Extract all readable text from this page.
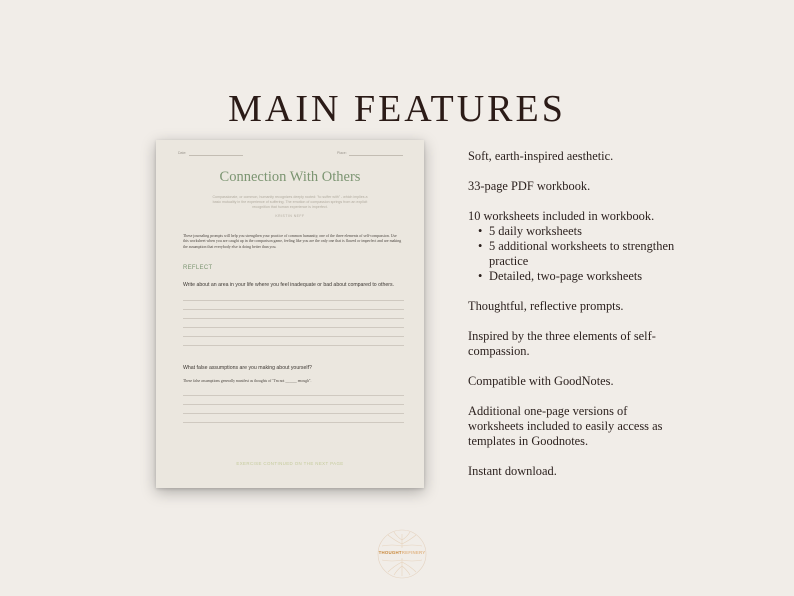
MAIN FEATURES
Date:	Place:
Connection With Others
Compassionate, or common, humanity recognizes deeply rooted: "to suffer with" - which implies a basic mutuality in the experience of suffering. The emotion of compassion springs from an explicit recognition that human experience is imperfect.
KRISTIN NEFF
These journaling prompts will help you strengthen your practice of common humanity, one of the three elements of self-compassion. Use this worksheet when you are caught up in the comparison game, feeling like you are the only one that is flawed or imperfect and are making the assumption that everybody else is doing better than you.
REFLECT
Write about an area in your life where you feel inadequate or bad about compared to others.
What false assumptions are you making about yourself?
These false assumptions generally manifest as thoughts of "I'm not ______ enough".
EXERCISE CONTINUED ON THE NEXT PAGE
Soft, earth-inspired aesthetic.
33-page PDF workbook.
10 worksheets included in workbook.
• 5 daily worksheets
• 5 additional worksheets to strengthen practice
• Detailed, two-page worksheets
Thoughtful, reflective prompts.
Inspired by the three elements of self-compassion.
Compatible with GoodNotes.
Additional one-page versions of worksheets included to easily access as templates in Goodnotes.
Instant download.
THOUGHTREFINERY
